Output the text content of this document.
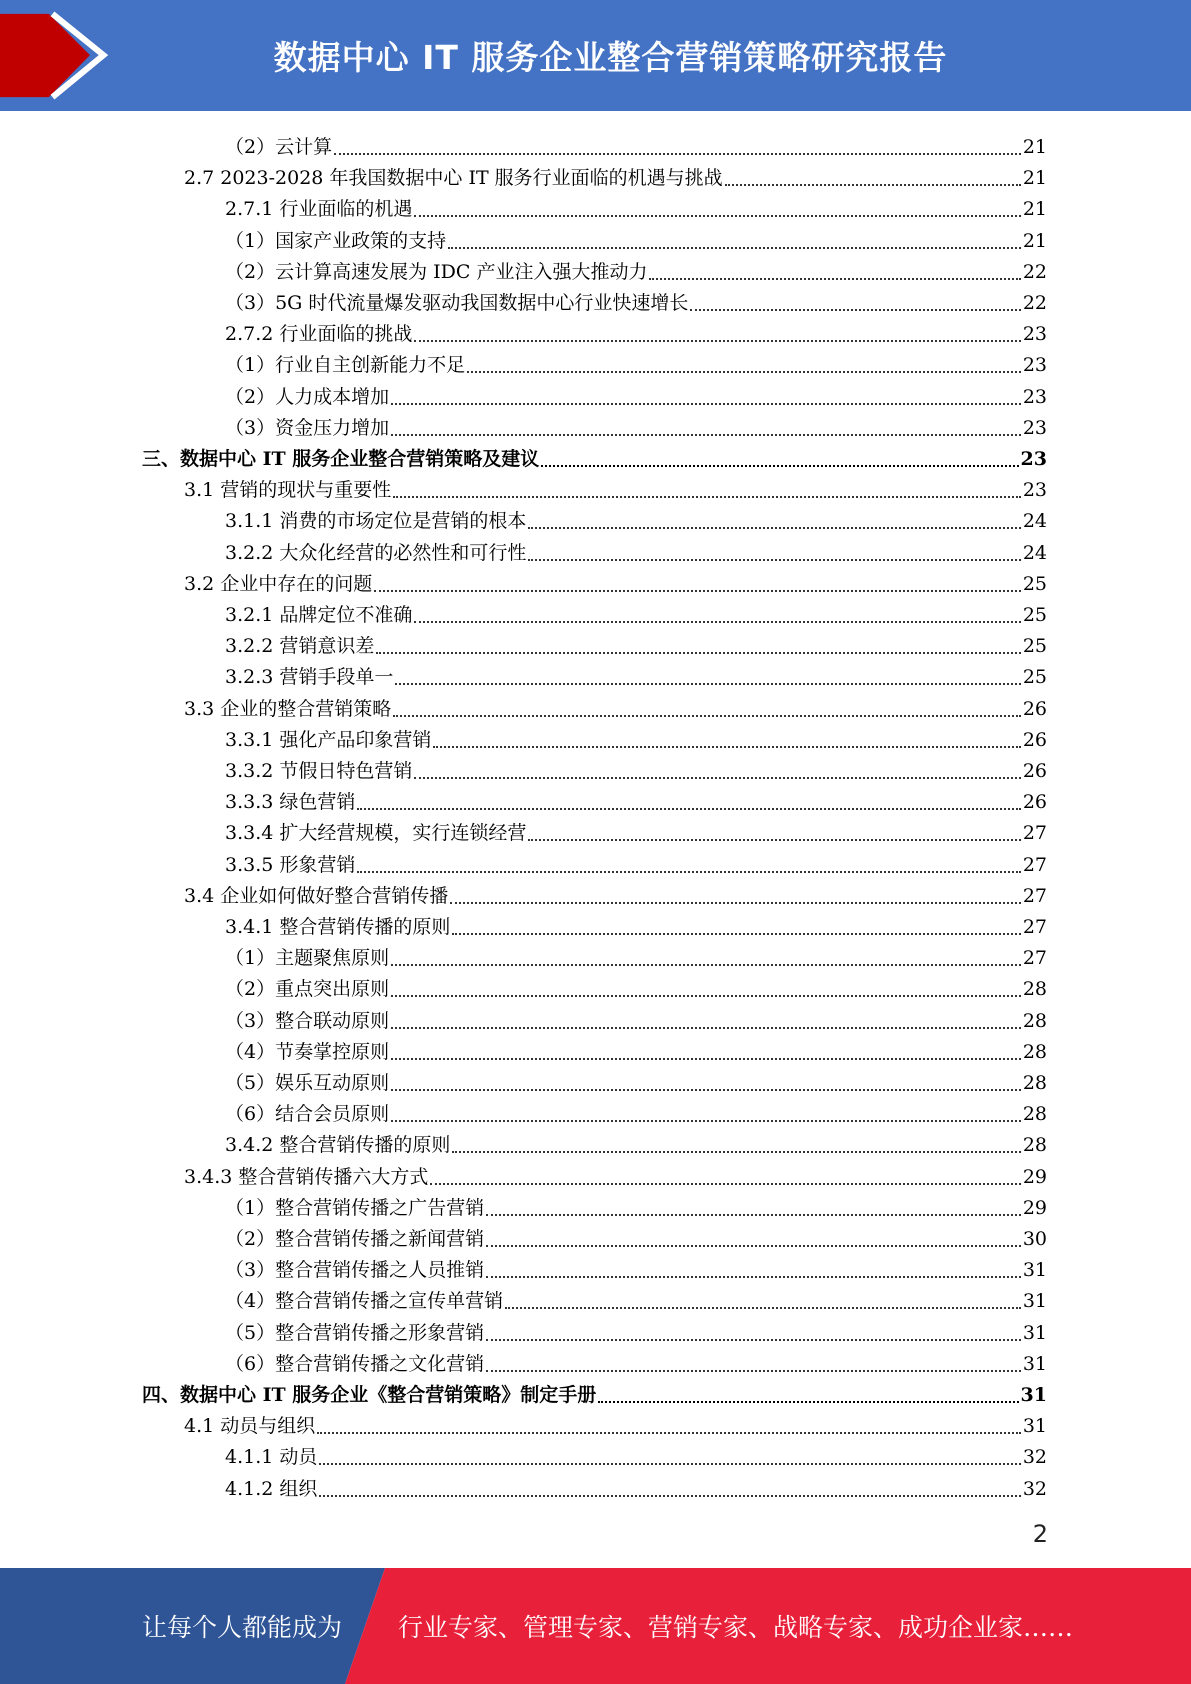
数据中心 IT 服务企业整合营销策略研究报告
（2）云计算	21
2.7 2023-2028 年我国数据中心 IT 服务行业面临的机遇与挑战	21
2.7.1 行业面临的机遇	21
（1）国家产业政策的支持	21
（2）云计算高速发展为 IDC 产业注入强大推动力	22
（3）5G 时代流量爆发驱动我国数据中心行业快速增长	22
2.7.2 行业面临的挑战	23
（1）行业自主创新能力不足	23
（2）人力成本增加	23
（3）资金压力增加	23
三、数据中心 IT 服务企业整合营销策略及建议	23
3.1 营销的现状与重要性	23
3.1.1 消费的市场定位是营销的根本	24
3.2.2 大众化经营的必然性和可行性	24
3.2 企业中存在的问题	25
3.2.1 品牌定位不准确	25
3.2.2 营销意识差	25
3.2.3 营销手段单一	25
3.3 企业的整合营销策略	26
3.3.1 强化产品印象营销	26
3.3.2 节假日特色营销	26
3.3.3 绿色营销	26
3.3.4 扩大经营规模，实行连锁经营	27
3.3.5 形象营销	27
3.4 企业如何做好整合营销传播	27
3.4.1 整合营销传播的原则	27
（1）主题聚焦原则	27
（2）重点突出原则	28
（3）整合联动原则	28
（4）节奏掌控原则	28
（5）娱乐互动原则	28
（6）结合会员原则	28
3.4.2 整合营销传播的原则	28
3.4.3 整合营销传播六大方式	29
（1）整合营销传播之广告营销	29
（2）整合营销传播之新闻营销	30
（3）整合营销传播之人员推销	31
（4）整合营销传播之宣传单营销	31
（5）整合营销传播之形象营销	31
（6）整合营销传播之文化营销	31
四、数据中心 IT 服务企业《整合营销策略》制定手册	31
4.1 动员与组织	31
4.1.1 动员	32
4.1.2 组织	32
2
让每个人都能成为 行业专家、管理专家、营销专家、战略专家、成功企业家……
